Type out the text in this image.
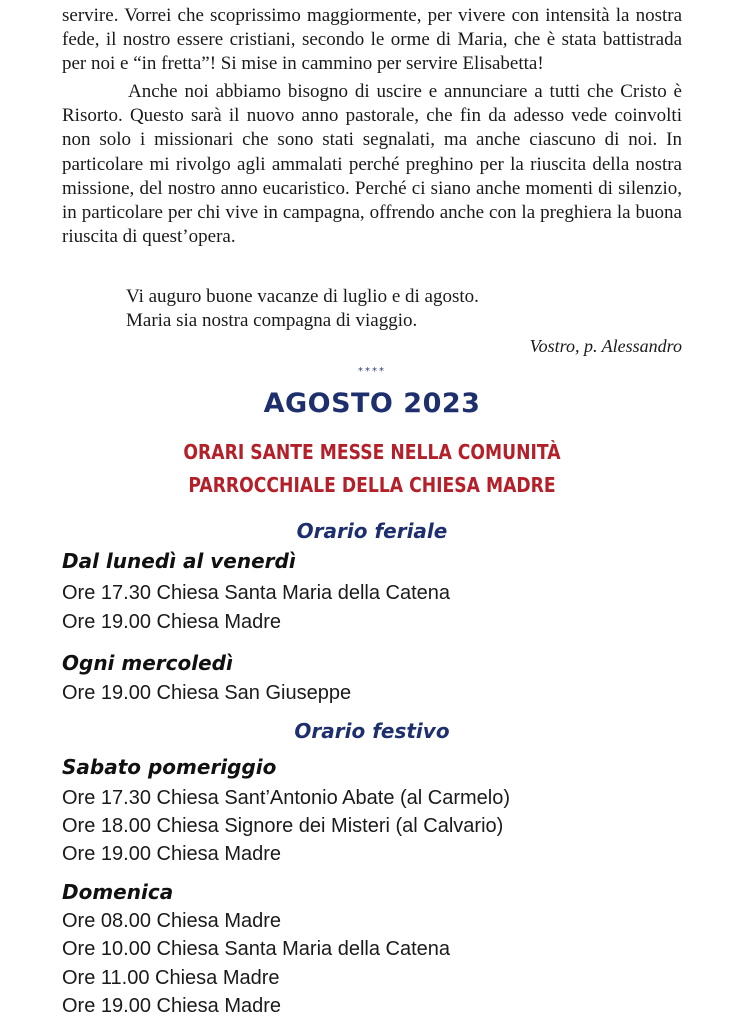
servire. Vorrei che scoprissimo maggiormente, per vivere con intensità la nostra fede, il nostro essere cristiani, secondo le orme di Maria, che è stata battistrada per noi e “in fretta”! Si mise in cammino per servire Elisabetta!

Anche noi abbiamo bisogno di uscire e annunciare a tutti che Cristo è Risorto. Questo sarà il nuovo anno pastorale, che fin da adesso vede coinvolti non solo i missionari che sono stati segnalati, ma anche ciascuno di noi. In particolare mi rivolgo agli ammalati perché preghino per la riuscita della nostra missione, del nostro anno eucaristico. Perché ci siano anche momenti di silenzio, in particolare per chi vive in campagna, offrendo anche con la preghiera la buona riuscita di quest’opera.

Vi auguro buone vacanze di luglio e di agosto.

Maria sia nostra compagna di viaggio.

Vostro, p. Alessandro

****
AGOSTO 2023
ORARI SANTE MESSE NELLA COMUNITÀ
PARROCCHIALE DELLA CHIESA MADRE
Orario feriale
Dal lunedì al venerdì
Ore 17.30 Chiesa Santa Maria della Catena
Ore 19.00 Chiesa Madre
Ogni mercoledì
Ore 19.00 Chiesa San Giuseppe
Orario festivo
Sabato pomeriggio
Ore 17.30 Chiesa Sant’Antonio Abate (al Carmelo)
Ore 18.00 Chiesa Signore dei Misteri (al Calvario)
Ore 19.00 Chiesa Madre
Domenica
Ore 08.00 Chiesa Madre
Ore 10.00 Chiesa Santa Maria della Catena
Ore 11.00 Chiesa Madre
Ore 19.00 Chiesa Madre
